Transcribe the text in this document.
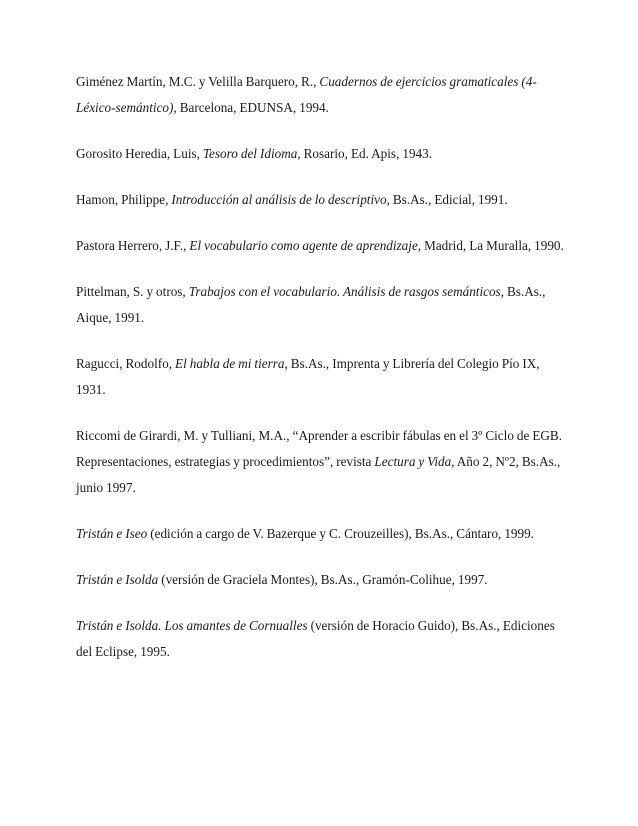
Giménez Martín, M.C. y Velilla Barquero, R., Cuadernos de ejercicios gramaticales (4- Léxico-semántico), Barcelona, EDUNSA, 1994.

Gorosito Heredia, Luis, Tesoro del Idioma, Rosario, Ed. Apis, 1943.

Hamon, Philippe, Introducción al análisis de lo descriptivo, Bs.As., Edicial, 1991.

Pastora Herrero, J.F., El vocabulario como agente de aprendizaje, Madrid, La Muralla, 1990.

Pittelman, S. y otros, Trabajos con el vocabulario. Análisis de rasgos semánticos, Bs.As., Aique, 1991.

Ragucci, Rodolfo, El habla de mi tierra, Bs.As., Imprenta y Librería del Colegio Pío IX, 1931.

Riccomi de Girardi, M. y Tulliani, M.A., “Aprender a escribir fábulas en el 3º Ciclo de EGB. Representaciones, estrategias y procedimientos”, revista Lectura y Vida, Año 2, Nº2, Bs.As., junio 1997.

Tristán e Iseo (edición a cargo de V. Bazerque y C. Crouzeilles), Bs.As., Cántaro, 1999.

Tristán e Isolda (versión de Graciela Montes), Bs.As., Gramón-Colihue, 1997.

Tristán e Isolda. Los amantes de Cornualles (versión de Horacio Guido), Bs.As., Ediciones del Eclipse, 1995.
